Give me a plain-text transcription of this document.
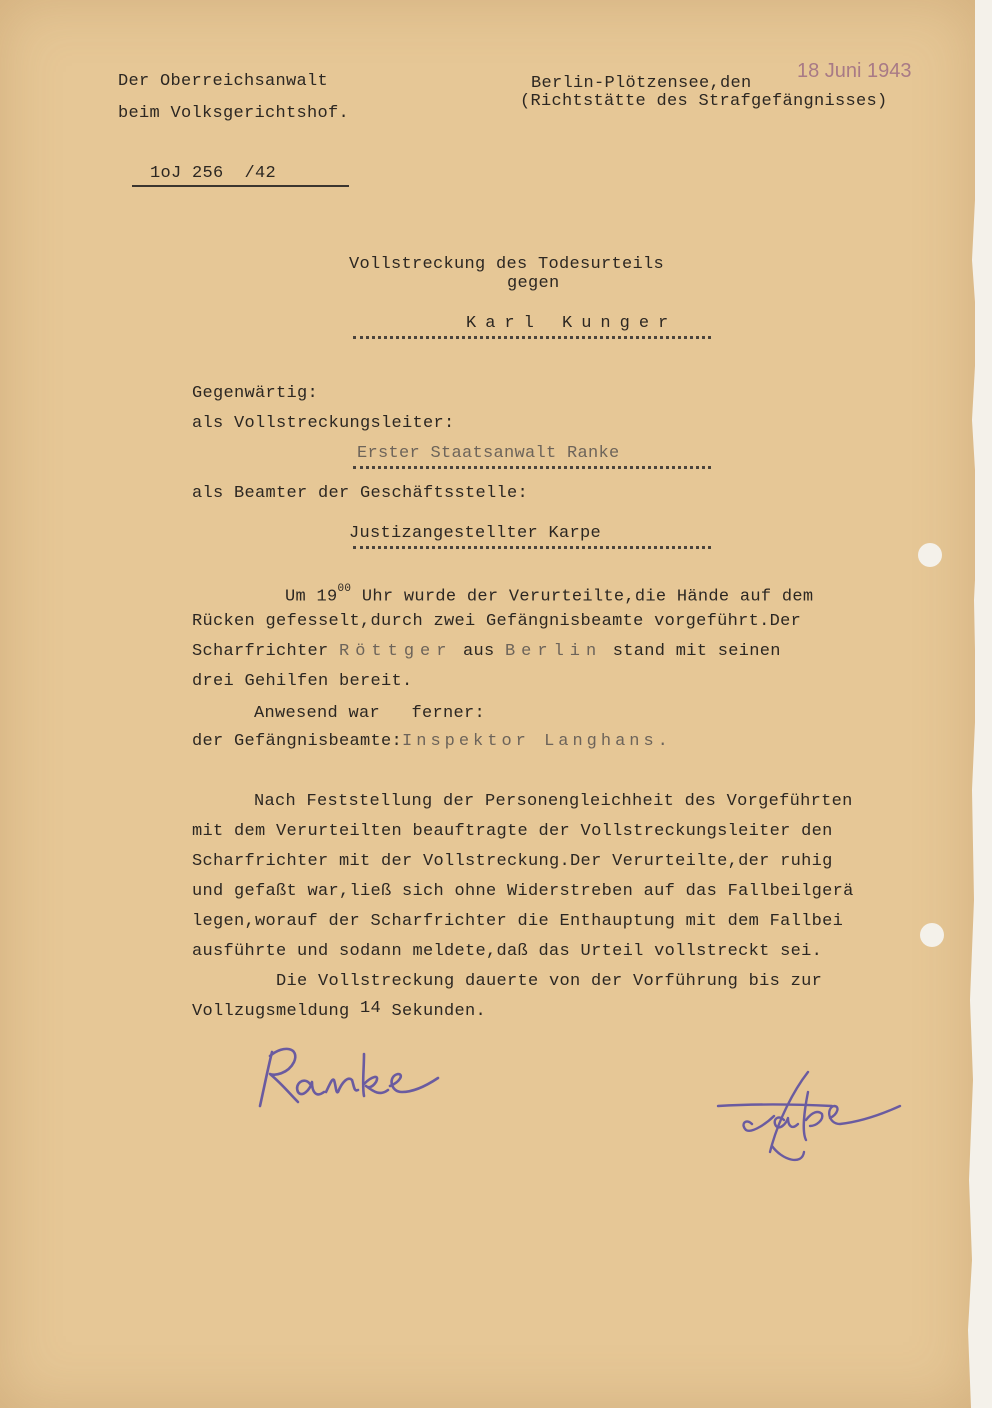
Der Oberreichsanwalt
beim Volksgerichtshof.
Berlin-Plötzensee,den
(Richtstätte des Strafgefängnisses)
18 Juni 1943
1oJ 256  /42
Vollstreckung des Todesurteils
gegen
Karl Kunger
Gegenwärtig:
als Vollstreckungsleiter:
Erster Staatsanwalt Ranke
als Beamter der Geschäftsstelle:
Justizangestellter Karpe
Um $19^{00}$ Uhr wurde der Verurteilte,die Hände auf dem
Rücken gefesselt,durch zwei Gefängnisbeamte vorgeführt.Der
Scharfrichter Röttger aus Berlin stand mit seinen
drei Gehilfen bereit.
Anwesend war   ferner:
der Gefängnisbeamte:Inspektor Langhans.
Nach Feststellung der Personengleichheit des Vorgeführten
mit dem Verurteilten beauftragte der Vollstreckungsleiter den
Scharfrichter mit der Vollstreckung.Der Verurteilte,der ruhig
und gefaßt war,ließ sich ohne Widerstreben auf das Fallbeilgerä
legen,worauf der Scharfrichter die Enthauptung mit dem Fallbei
ausführte und sodann meldete,daß das Urteil vollstreckt sei.
Die Vollstreckung dauerte von der Vorführung bis zur
Vollzugsmeldung 14 Sekunden.
